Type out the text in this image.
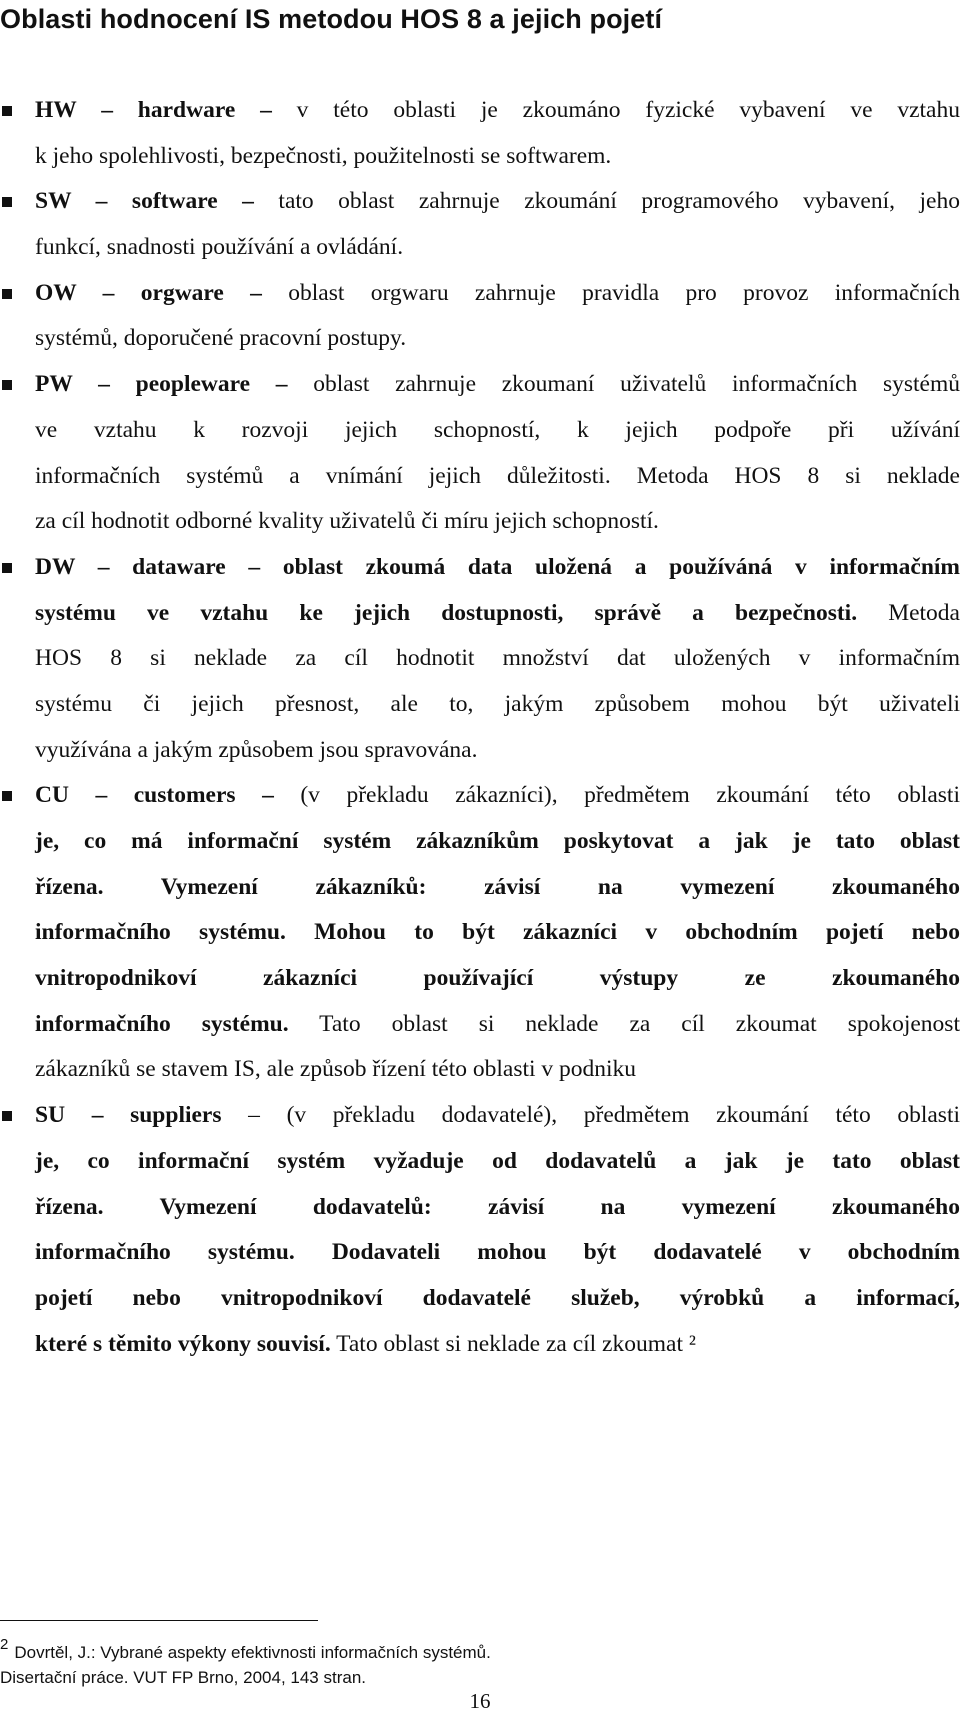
Oblasti hodnocení IS metodou HOS 8 a jejich pojetí
HW – hardware – v této oblasti je zkoumáno fyzické vybavení ve vztahu
k jeho spolehlivosti, bezpečnosti, použitelnosti se softwarem.
SW – software – tato oblast zahrnuje zkoumání programového vybavení, jeho
funkcí, snadnosti používání a ovládání.
OW – orgware – oblast orgwaru zahrnuje pravidla pro provoz informačních
systémů, doporučené pracovní postupy.
PW – peopleware – oblast zahrnuje zkoumaní uživatelů informačních systémů
ve vztahu k rozvoji jejich schopností, k jejich podpoře při užívání
informačních systémů a vnímání jejich důležitosti. Metoda HOS 8 si neklade
za cíl hodnotit odborné kvality uživatelů či míru jejich schopností.
DW – dataware – oblast zkoumá data uložená a používáná v informačním
systému ve vztahu ke jejich dostupnosti, správě a bezpečnosti. Metoda
HOS 8 si neklade za cíl hodnotit množství dat uložených v informačním
systému či jejich přesnost, ale to, jakým způsobem mohou být uživateli
využívána a jakým způsobem jsou spravována.
CU – customers – (v překladu zákazníci), předmětem zkoumání této oblasti
je, co má informační systém zákazníkům poskytovat a jak je tato oblast
řízena. Vymezení zákazníků: závisí na vymezení zkoumaného
informačního systému. Mohou to být zákazníci v obchodním pojetí nebo
vnitropodnikoví zákazníci používající výstupy ze zkoumaného
informačního systému. Tato oblast si neklade za cíl zkoumat spokojenost
zákazníků se stavem IS, ale způsob řízení této oblasti v podniku
SU – suppliers – (v překladu dodavatelé), předmětem zkoumání této oblasti
je, co informační systém vyžaduje od dodavatelů a jak je tato oblast
řízena. Vymezení dodavatelů: závisí na vymezení zkoumaného
informačního systému. Dodavateli mohou být dodavatelé v obchodním
pojetí nebo vnitropodnikoví dodavatelé služeb, výrobků a informací,
které s těmito výkony souvisí. Tato oblast si neklade za cíl zkoumat ²
2 Dovrtěl, J.: Vybrané aspekty efektivnosti informačních systémů.
Disertační práce. VUT FP Brno, 2004, 143 stran.
16
